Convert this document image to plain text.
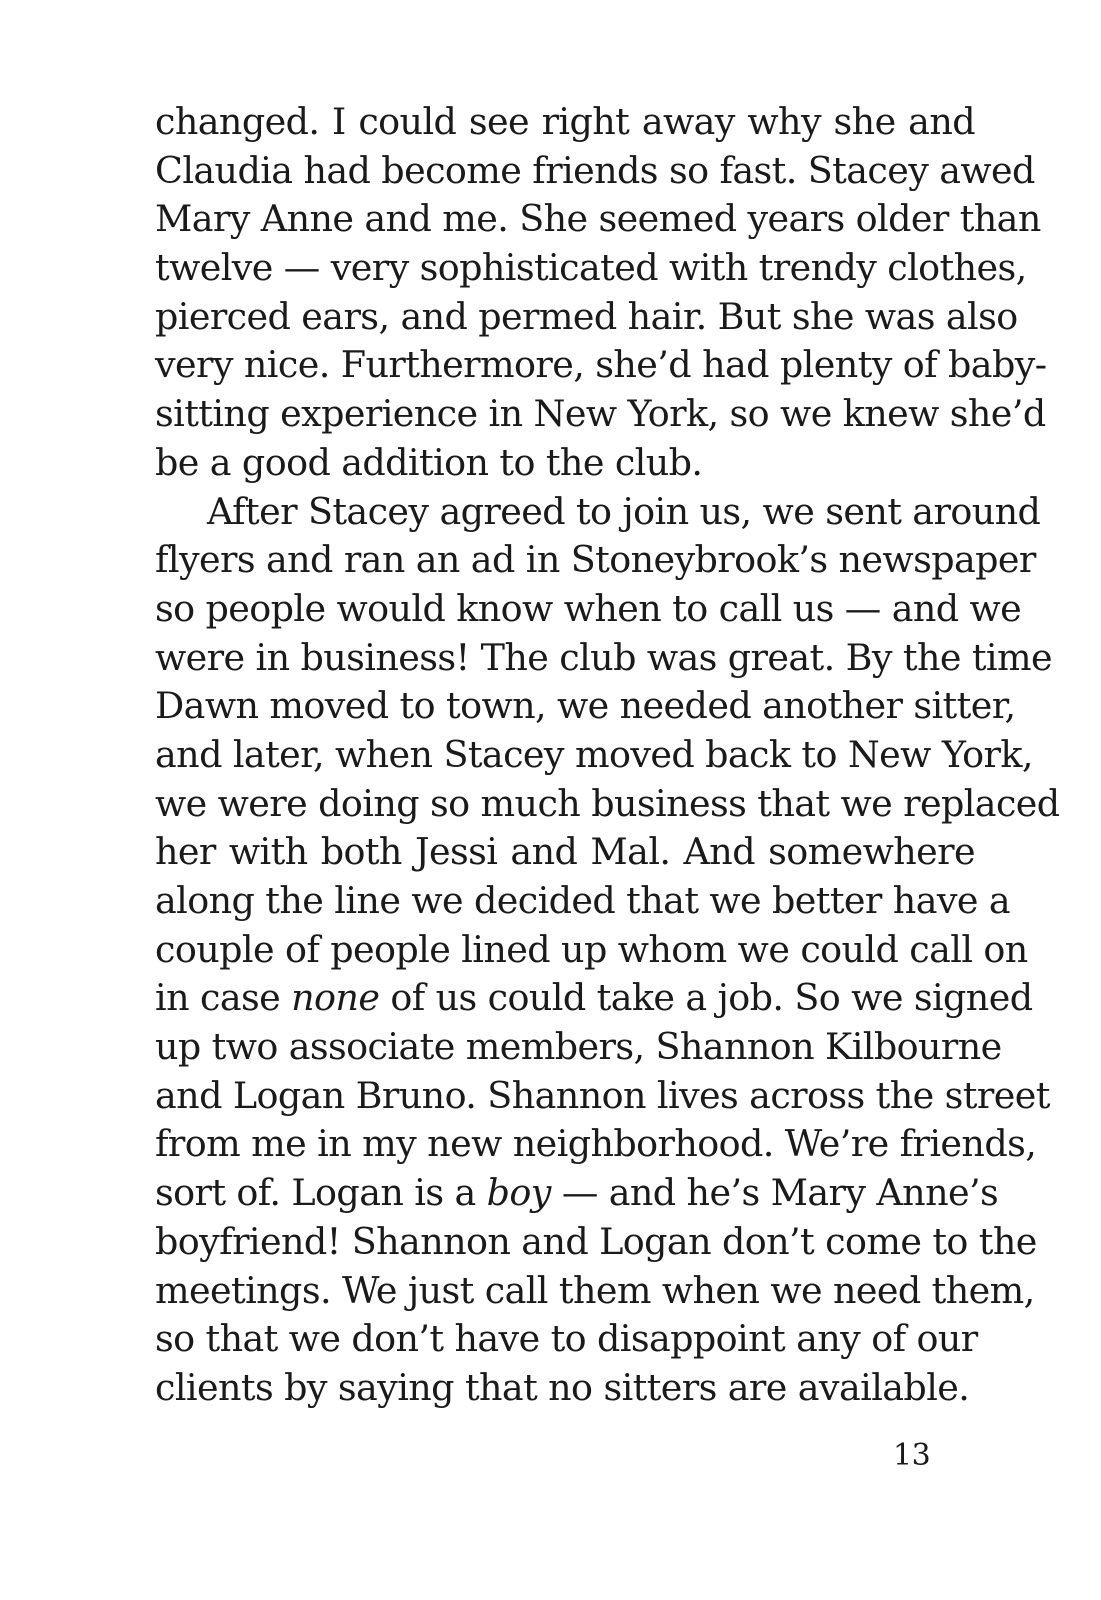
changed. I could see right away why she and
Claudia had become friends so fast. Stacey awed
Mary Anne and me. She seemed years older than
twelve — very sophisticated with trendy clothes,
pierced ears, and permed hair. But she was also
very nice. Furthermore, she’d had plenty of baby-
sitting experience in New York, so we knew she’d
be a good addition to the club.
After Stacey agreed to join us, we sent around
flyers and ran an ad in Stoneybrook’s newspaper
so people would know when to call us — and we
were in business! The club was great. By the time
Dawn moved to town, we needed another sitter,
and later, when Stacey moved back to New York,
we were doing so much business that we replaced
her with both Jessi and Mal. And somewhere
along the line we decided that we better have a
couple of people lined up whom we could call on
in case none of us could take a job. So we signed
up two associate members, Shannon Kilbourne
and Logan Bruno. Shannon lives across the street
from me in my new neighborhood. We’re friends,
sort of. Logan is a boy — and he’s Mary Anne’s
boyfriend! Shannon and Logan don’t come to the
meetings. We just call them when we need them,
so that we don’t have to disappoint any of our
clients by saying that no sitters are available.
13
